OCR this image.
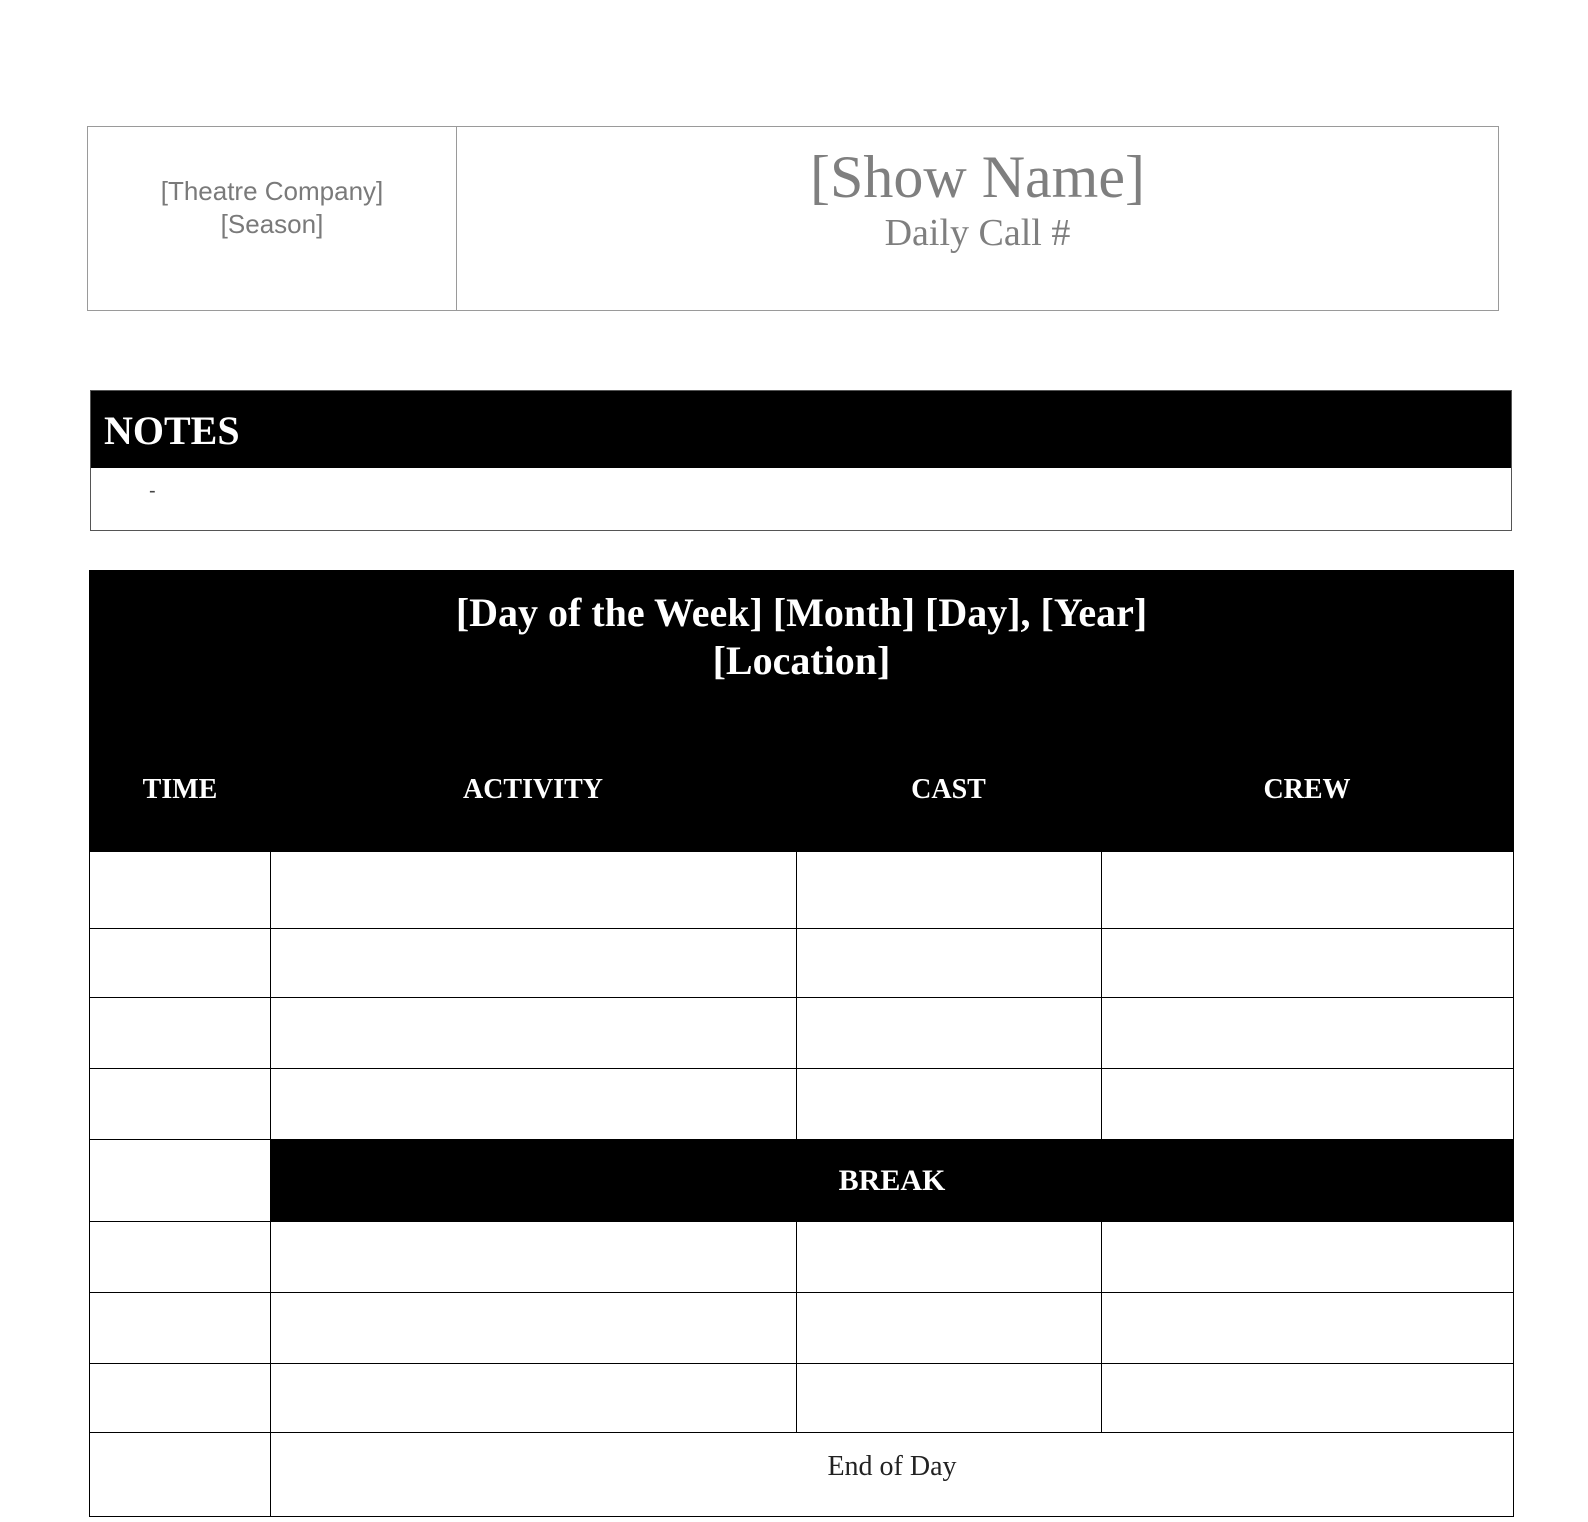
[Theatre Company]
[Season]
[Show Name]
Daily Call #
NOTES
-
[Day of the Week] [Month] [Day], [Year]
[Location]
TIME	ACTIVITY	CAST	CREW
BREAK
End of Day
